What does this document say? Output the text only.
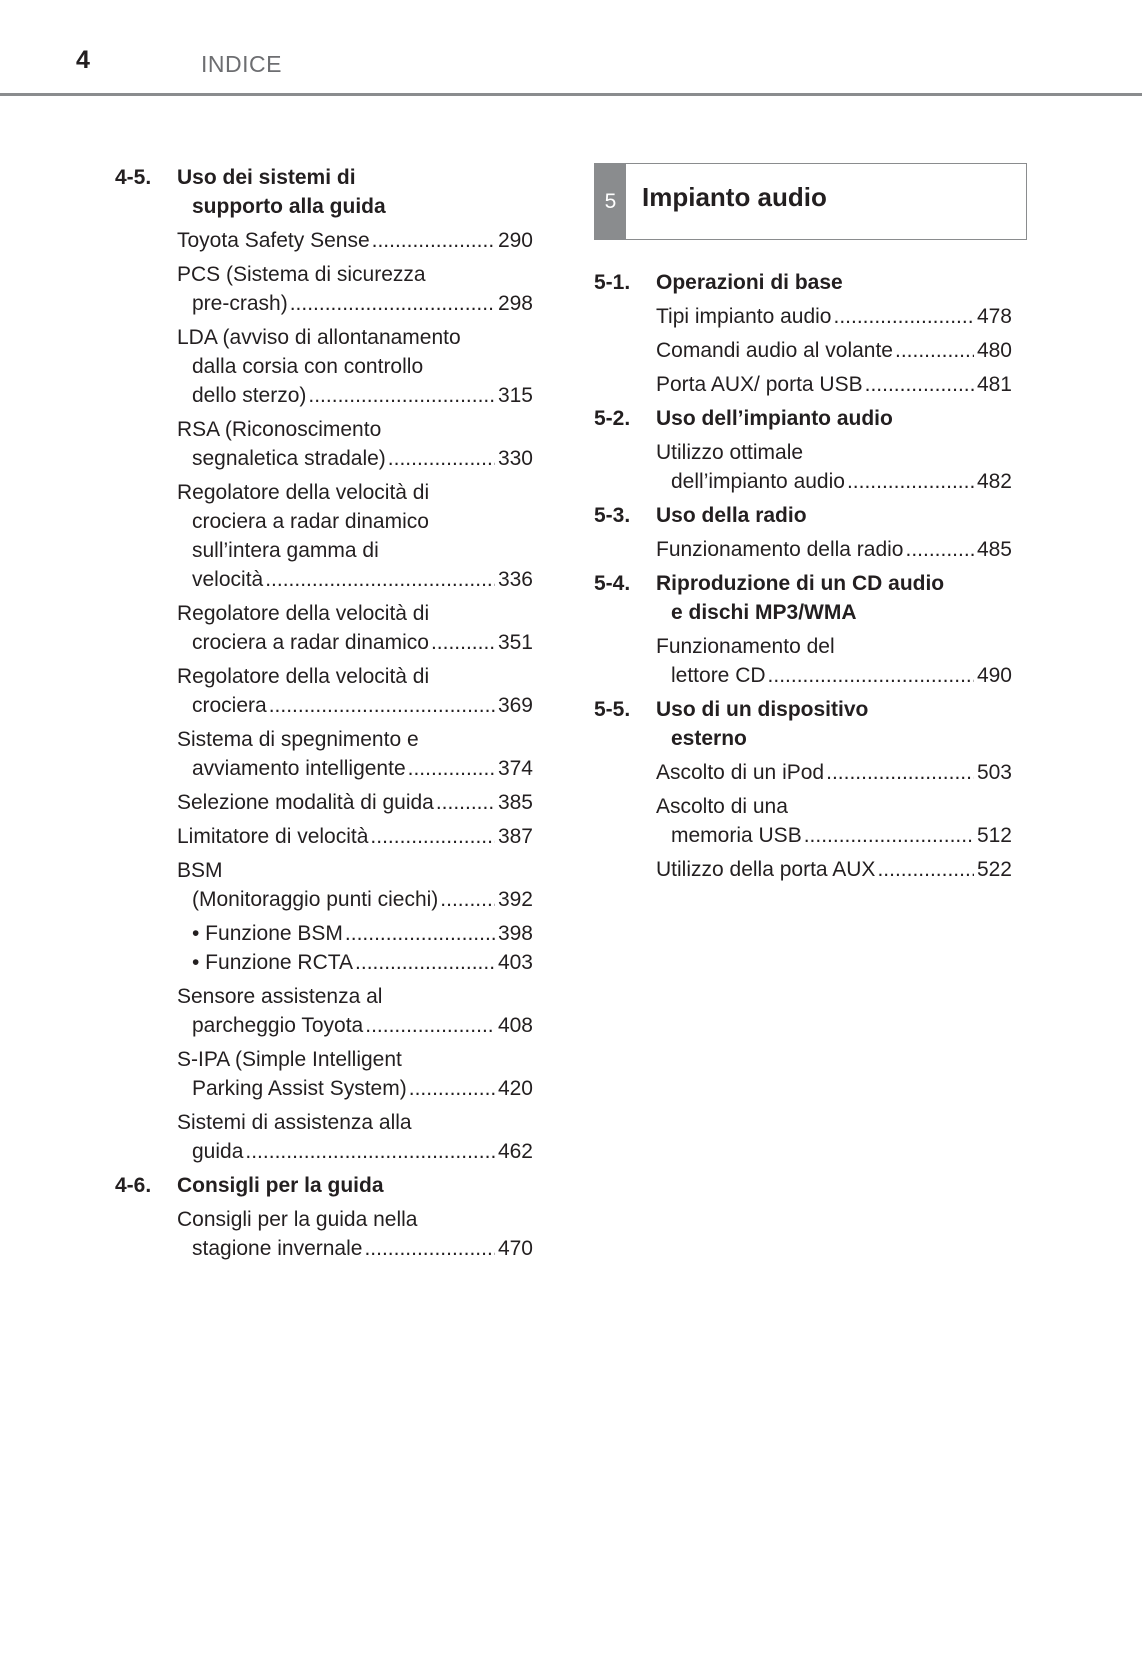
4	INDICE
4-5. Uso dei sistemi di
supporto alla guida
Toyota Safety Sense .....	290
PCS (Sistema di sicurezza
pre-crash) .....	298
LDA (avviso di allontanamento
dalla corsia con controllo
dello sterzo) .....	315
RSA (Riconoscimento
segnaletica stradale) .....	330
Regolatore della velocità di
crociera a radar dinamico
sull’intera gamma di
velocità .....	336
Regolatore della velocità di
crociera a radar dinamico .....	351
Regolatore della velocità di
crociera .....	369
Sistema di spegnimento e
avviamento intelligente .....	374
Selezione modalità di guida .....	385
Limitatore di velocità .....	387
BSM
(Monitoraggio punti ciechi) .....	392
• Funzione BSM .....	398
• Funzione RCTA .....	403
Sensore assistenza al
parcheggio Toyota .....	408
S-IPA (Simple Intelligent
Parking Assist System) .....	420
Sistemi di assistenza alla
guida .....	462
4-6. Consigli per la guida
Consigli per la guida nella
stagione invernale .....	470
5 Impianto audio
5-1. Operazioni di base
Tipi impianto audio .....	478
Comandi audio al volante .....	480
Porta AUX/ porta USB .....	481
5-2. Uso dell’impianto audio
Utilizzo ottimale
dell’impianto audio .....	482
5-3. Uso della radio
Funzionamento della radio .....	485
5-4. Riproduzione di un CD audio
e dischi MP3/WMA
Funzionamento del
lettore CD .....	490
5-5. Uso di un dispositivo
esterno
Ascolto di un iPod .....	503
Ascolto di una
memoria USB .....	512
Utilizzo della porta AUX .....	522
